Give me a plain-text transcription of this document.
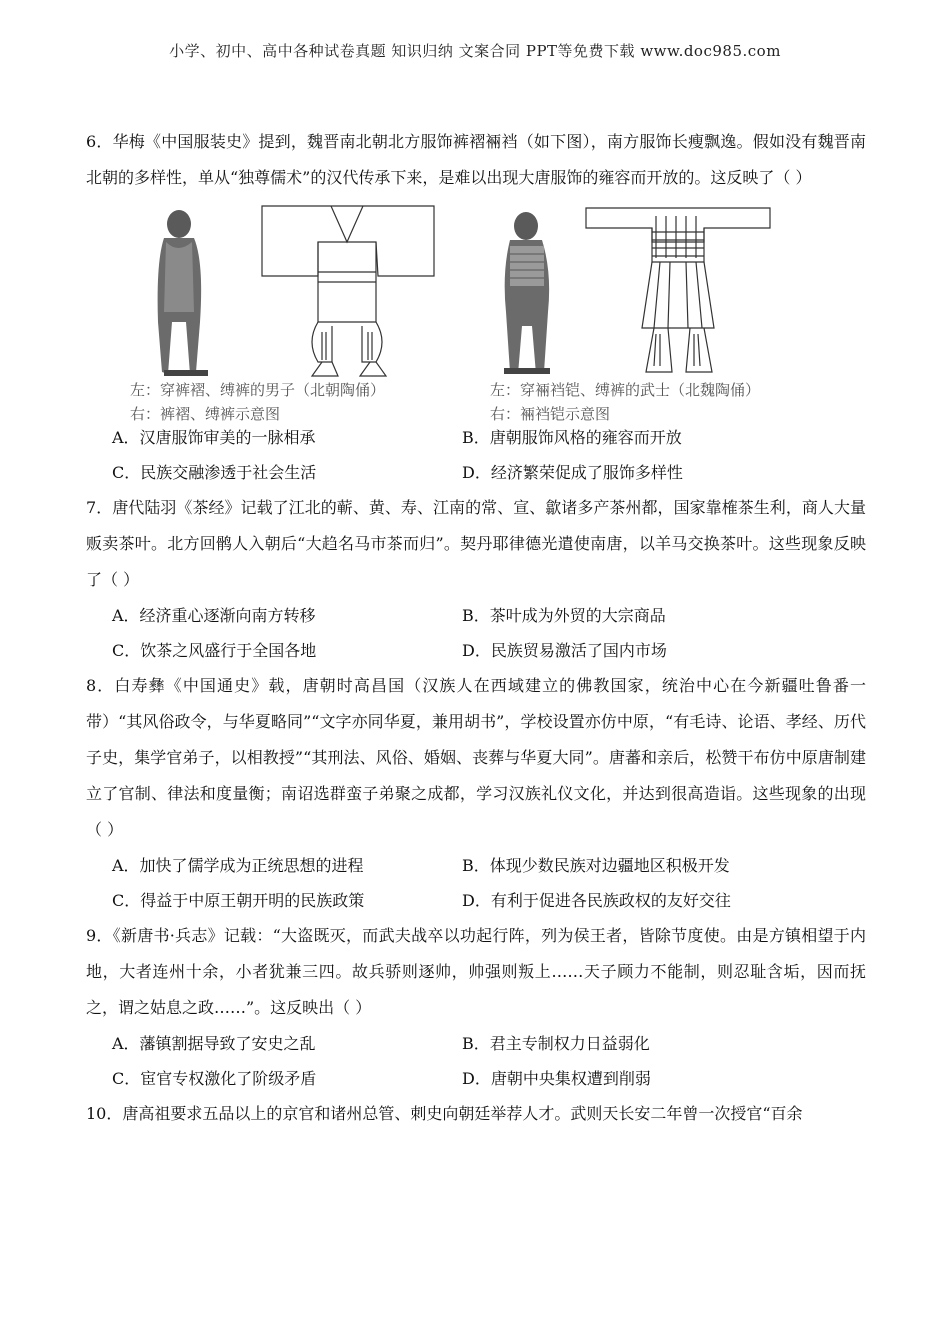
小学、初中、高中各种试卷真题 知识归纳 文案合同 PPT等免费下载 www.doc985.com

6．华梅《中国服装史》提到，魏晋南北朝北方服饰裤褶裲裆（如下图），南方服饰长瘦飘逸。假如没有魏晋南北朝的多样性，单从“独尊儒术”的汉代传承下来，是难以出现大唐服饰的雍容而开放的。这反映了（ ）

左：穿裤褶、缚裤的男子（北朝陶俑）
右：裤褶、缚裤示意图
左：穿裲裆铠、缚裤的武士（北魏陶俑）
右：裲裆铠示意图
A．汉唐服饰审美的一脉相承	B．唐朝服饰风格的雍容而开放
C．民族交融渗透于社会生活	D．经济繁荣促成了服饰多样性

7．唐代陆羽《茶经》记载了江北的蕲、黄、寿、江南的常、宣、歙诸多产茶州都，国家靠榷茶生利，商人大量贩卖茶叶。北方回鹘人入朝后“大趋名马市茶而归”。契丹耶律德光遣使南唐，以羊马交换茶叶。这些现象反映了（ ）

A．经济重心逐渐向南方转移	B．茶叶成为外贸的大宗商品
C．饮茶之风盛行于全国各地	D．民族贸易激活了国内市场

8．白寿彝《中国通史》载，唐朝时高昌国（汉族人在西域建立的佛教国家，统治中心在今新疆吐鲁番一带）“其风俗政令，与华夏略同”“文字亦同华夏，兼用胡书”，学校设置亦仿中原，“有毛诗、论语、孝经、历代子史，集学官弟子，以相教授”“其刑法、风俗、婚姻、丧葬与华夏大同”。唐蕃和亲后，松赞干布仿中原唐制建立了官制、律法和度量衡；南诏选群蛮子弟聚之成都，学习汉族礼仪文化，并达到很高造诣。这些现象的出现（ ）

A．加快了儒学成为正统思想的进程	B．体现少数民族对边疆地区积极开发
C．得益于中原王朝开明的民族政策	D．有利于促进各民族政权的友好交往

9．《新唐书·兵志》记载：“大盗既灭，而武夫战卒以功起行阵，列为侯王者，皆除节度使。由是方镇相望于内地，大者连州十余，小者犹兼三四。故兵骄则逐帅，帅强则叛上……天子顾力不能制，则忍耻含垢，因而抚之，谓之姑息之政……”。这反映出（ ）

A．藩镇割据导致了安史之乱	B．君主专制权力日益弱化
C．宦官专权激化了阶级矛盾	D．唐朝中央集权遭到削弱

10．唐高祖要求五品以上的京官和诸州总管、刺史向朝廷举荐人才。武则天长安二年曾一次授官“百余
